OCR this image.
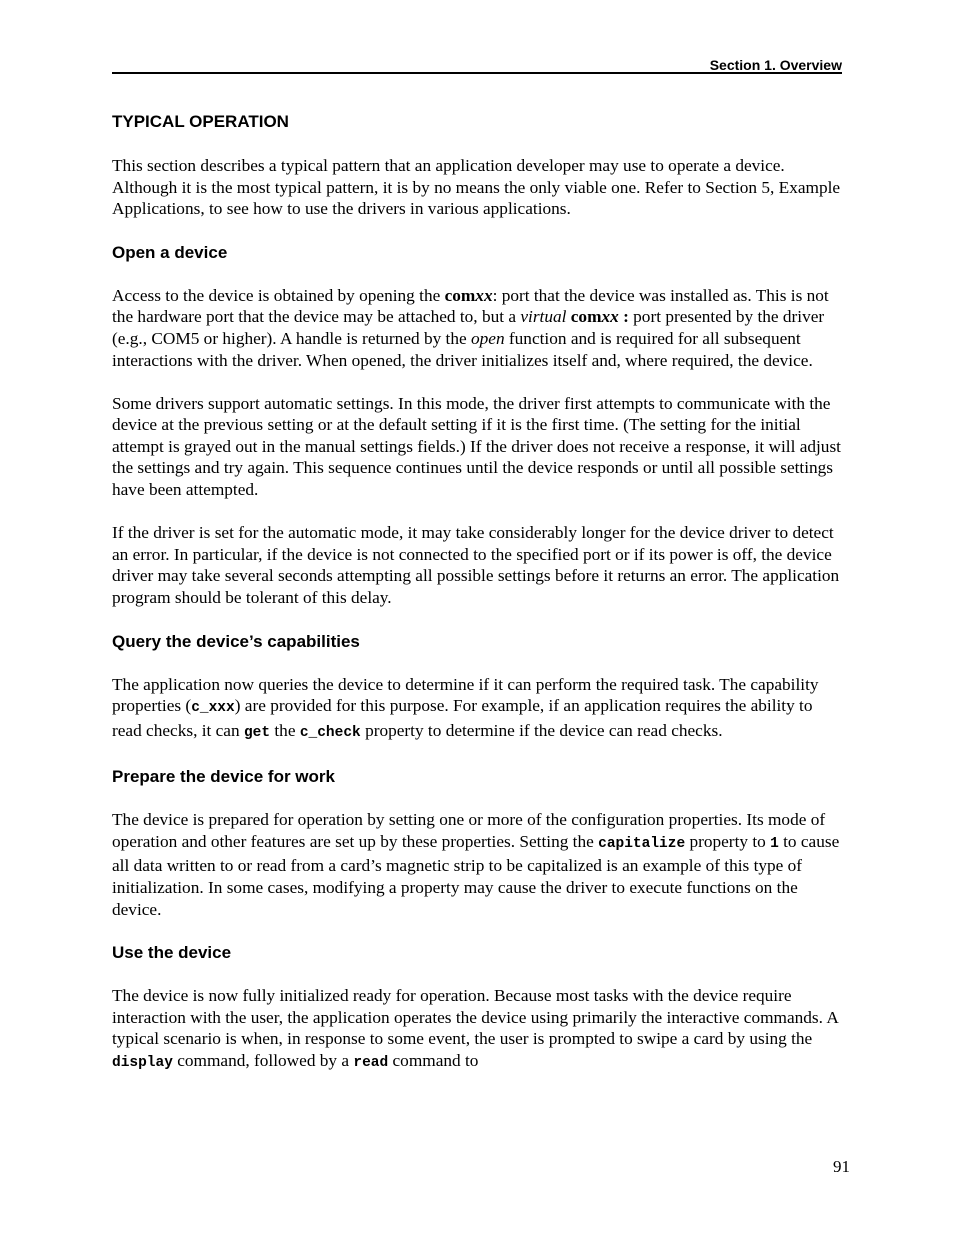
Section 1. Overview
TYPICAL OPERATION

This section describes a typical pattern that an application developer may use to operate a device. Although it is the most typical pattern, it is by no means the only viable one. Refer to Section 5, Example Applications, to see how to use the drivers in various applications.

Open a device

Access to the device is obtained by opening the comxx: port that the device was installed as. This is not the hardware port that the device may be attached to, but a virtual comxx : port presented by the driver (e.g., COM5 or higher). A handle is returned by the open function and is required for all subsequent interactions with the driver. When opened, the driver initializes itself and, where required, the device.

Some drivers support automatic settings. In this mode, the driver first attempts to communicate with the device at the previous setting or at the default setting if it is the first time. (The setting for the initial attempt is grayed out in the manual settings fields.) If the driver does not receive a response, it will adjust the settings and try again. This sequence continues until the device responds or until all possible settings have been attempted.

If the driver is set for the automatic mode, it may take considerably longer for the device driver to detect an error. In particular, if the device is not connected to the specified port or if its power is off, the device driver may take several seconds attempting all possible settings before it returns an error. The application program should be tolerant of this delay.

Query the device’s capabilities

The application now queries the device to determine if it can perform the required task. The capability properties (c_xxx) are provided for this purpose. For example, if an application requires the ability to read checks, it can get the c_check property to determine if the device can read checks.

Prepare the device for work

The device is prepared for operation by setting one or more of the configuration properties. Its mode of operation and other features are set up by these properties. Setting the capitalize property to 1 to cause all data written to or read from a card’s magnetic strip to be capitalized is an example of this type of initialization. In some cases, modifying a property may cause the driver to execute functions on the device.

Use the device

The device is now fully initialized ready for operation. Because most tasks with the device require interaction with the user, the application operates the device using primarily the interactive commands. A typical scenario is when, in response to some event, the user is prompted to swipe a card by using the display command, followed by a read command to

91
